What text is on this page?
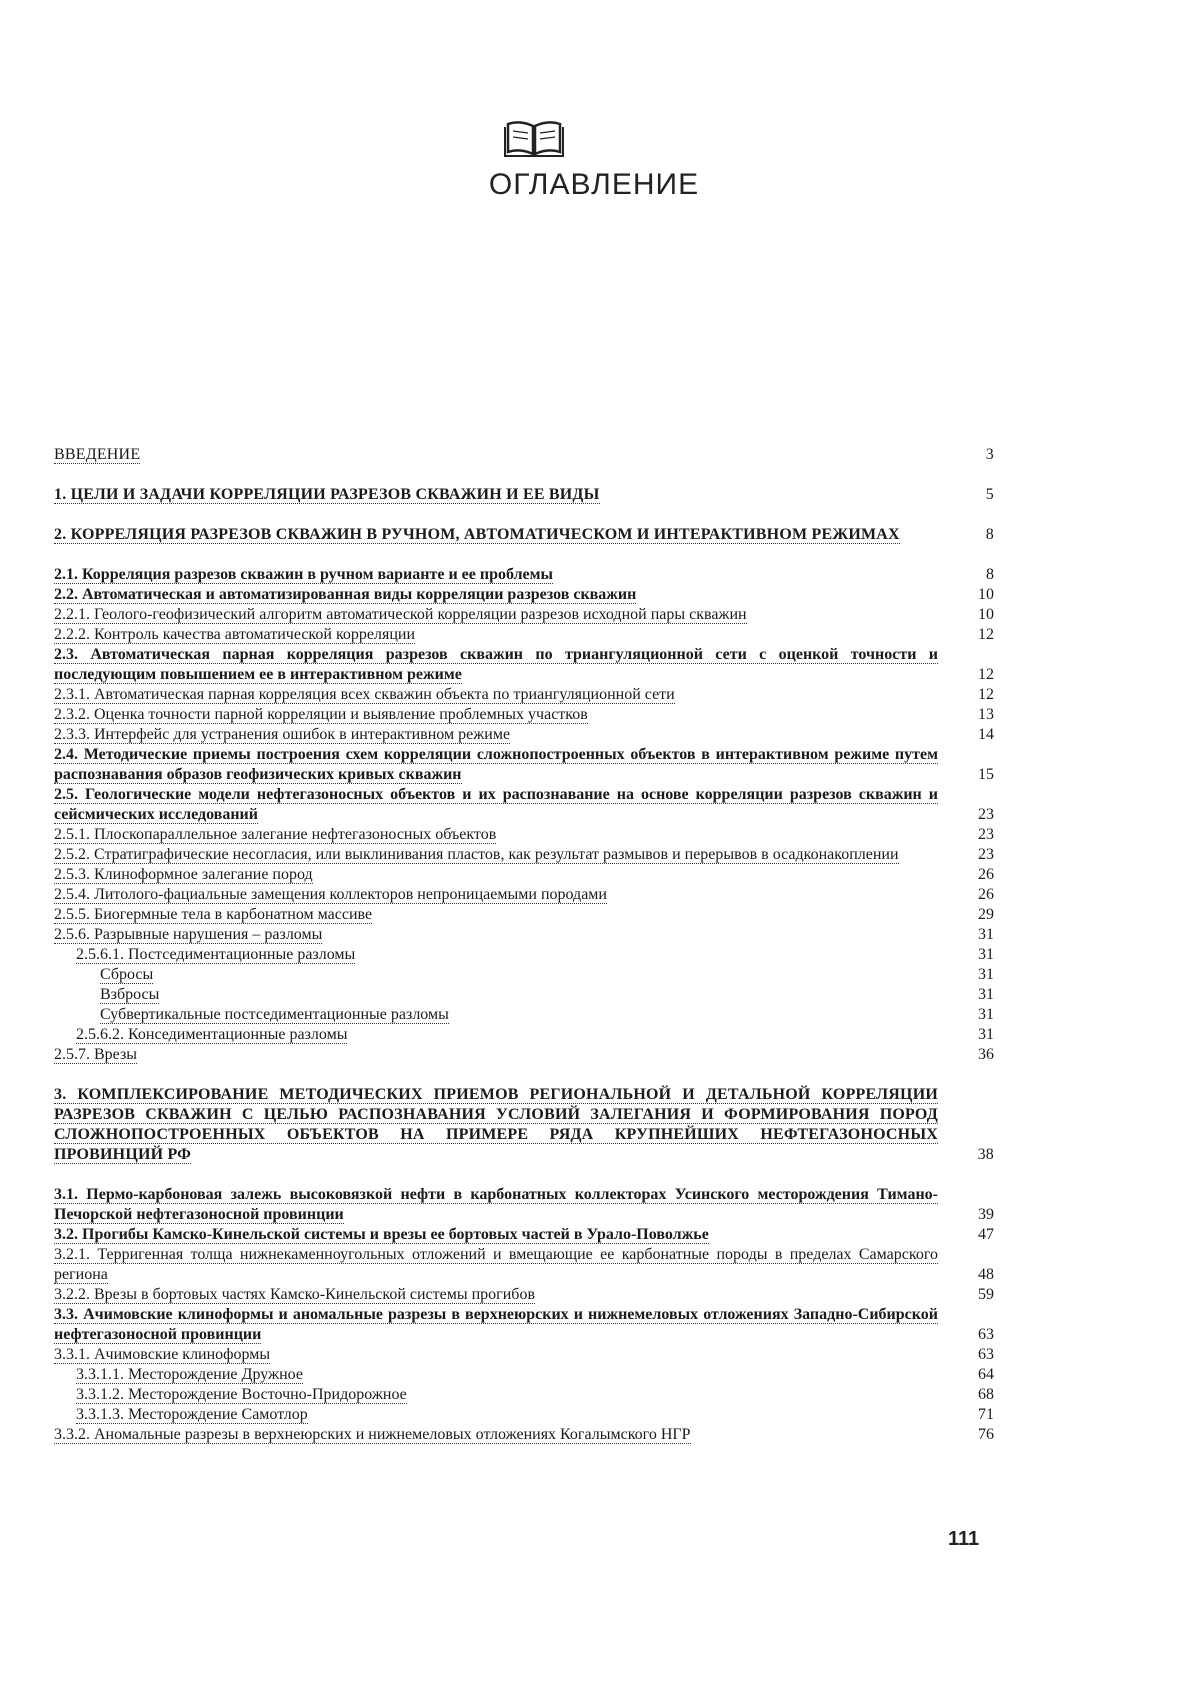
ОГЛАВЛЕНИЕ
ВВЕДЕНИЕ	3
1. ЦЕЛИ И ЗАДАЧИ КОРРЕЛЯЦИИ РАЗРЕЗОВ СКВАЖИН И ЕЕ ВИДЫ	5
2. КОРРЕЛЯЦИЯ РАЗРЕЗОВ СКВАЖИН В РУЧНОМ, АВТОМАТИЧЕСКОМ И ИНТЕРАКТИВНОМ РЕЖИМАХ	8
2.1. Корреляция разрезов скважин в ручном варианте и ее проблемы	8
2.2. Автоматическая и автоматизированная виды корреляции разрезов скважин	10
2.2.1. Геолого-геофизический алгоритм автоматической корреляции разрезов исходной пары скважин	10
2.2.2. Контроль качества автоматической корреляции	12
2.3. Автоматическая парная корреляция разрезов скважин по триангуляционной сети с оценкой точности и последующим повышением ее в интерактивном режиме	12
2.3.1. Автоматическая парная корреляция всех скважин объекта по триангуляционной сети	12
2.3.2. Оценка точности парной корреляции и выявление проблемных участков	13
2.3.3. Интерфейс для устранения ошибок в интерактивном режиме	14
2.4. Методические приемы построения схем корреляции сложнопостроенных объектов в интерактивном режиме путем распознавания образов геофизических кривых скважин	15
2.5. Геологические модели нефтегазоносных объектов и их распознавание на основе корреляции разрезов скважин и сейсмических исследований	23
2.5.1. Плоскопараллельное залегание нефтегазоносных объектов	23
2.5.2. Стратиграфические несогласия, или выклинивания пластов, как результат размывов и перерывов в осадконакоплении	23
2.5.3. Клиноформное залегание пород	26
2.5.4. Литолого-фациальные замещения коллекторов непроницаемыми породами	26
2.5.5. Биогермные тела в карбонатном массиве	29
2.5.6. Разрывные нарушения – разломы	31
2.5.6.1. Постседиментационные разломы	31
Сбросы	31
Взбросы	31
Субвертикальные постседиментационные разломы	31
2.5.6.2. Конседиментационные разломы	31
2.5.7. Врезы	36
3. КОМПЛЕКСИРОВАНИЕ МЕТОДИЧЕСКИХ ПРИЕМОВ РЕГИОНАЛЬНОЙ И ДЕТАЛЬНОЙ КОРРЕЛЯЦИИ РАЗРЕЗОВ СКВАЖИН С ЦЕЛЬЮ РАСПОЗНАВАНИЯ УСЛОВИЙ ЗАЛЕГАНИЯ И ФОРМИРОВАНИЯ ПОРОД СЛОЖНОПОСТРОЕННЫХ ОБЪЕКТОВ НА ПРИМЕРЕ РЯДА КРУПНЕЙШИХ НЕФТЕГАЗОНОСНЫХ ПРОВИНЦИЙ РФ	38
3.1. Пермо-карбоновая залежь высоковязкой нефти в карбонатных коллекторах Усинского месторождения Тимано-Печорской нефтегазоносной провинции	39
3.2. Прогибы Камско-Кинельской системы и врезы ее бортовых частей в Урало-Поволжье	47
3.2.1. Терригенная толща нижнекаменноугольных отложений и вмещающие ее карбонатные породы в пределах Самарского региона	48
3.2.2. Врезы в бортовых частях Камско-Кинельской системы прогибов	59
3.3. Ачимовские клиноформы и аномальные разрезы в верхнеюрских и нижнемеловых отложениях Западно-Сибирской нефтегазоносной провинции	63
3.3.1. Ачимовские клиноформы	63
3.3.1.1. Месторождение Дружное	64
3.3.1.2. Месторождение Восточно-Придорожное	68
3.3.1.3. Месторождение Самотлор	71
3.3.2. Аномальные разрезы в верхнеюрских и нижнемеловых отложениях Когалымского НГР	76
111
